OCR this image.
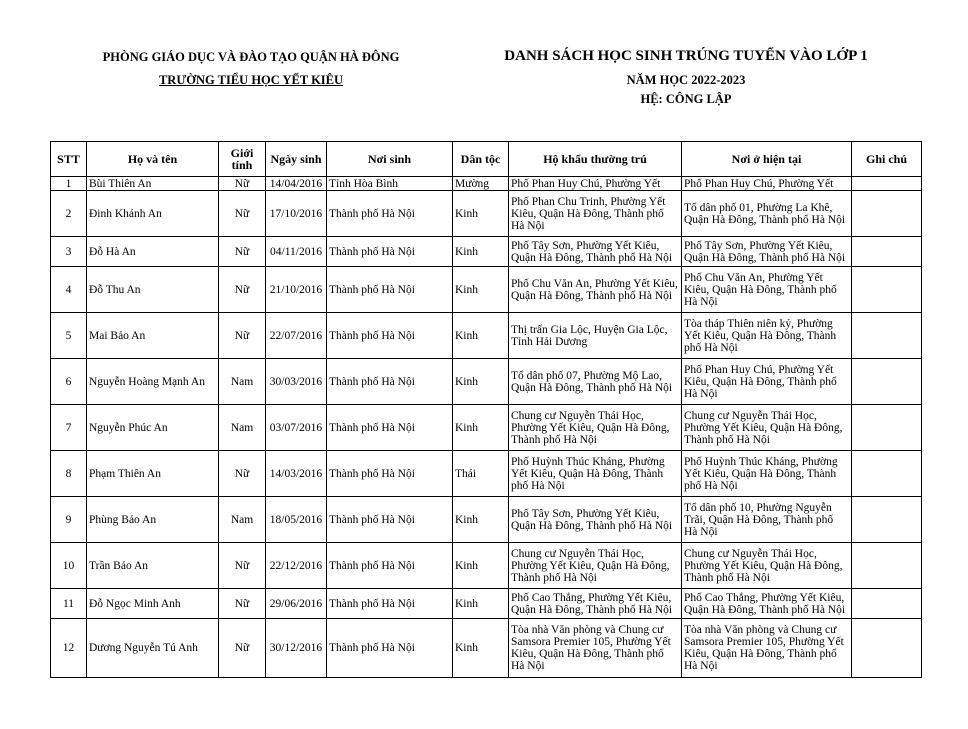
PHÒNG GIÁO DỤC VÀ ĐÀO TẠO QUẬN HÀ ĐÔNG
TRƯỜNG TIỂU HỌC YẾT KIÊU
DANH SÁCH HỌC SINH TRÚNG TUYỂN VÀO LỚP 1
NĂM HỌC 2022-2023
HỆ: CÔNG LẬP
STT	Họ và tên	Giới tính	Ngày sinh	Nơi sinh	Dân tộc	Hộ khẩu thường trú	Nơi ở hiện tại	Ghi chú
1	Bùi Thiên An	Nữ	14/04/2016	Tỉnh Hòa Bình	Mường	Phố Phan Huy Chú, Phường Yết	Phố Phan Huy Chú, Phường Yết	
2	Đinh Khánh An	Nữ	17/10/2016	Thành phố Hà Nội	Kinh	Phố Phan Chu Trinh, Phường Yết Kiêu, Quận Hà Đông, Thành phố Hà Nội	Tổ dân phố 01, Phường La Khê, Quận Hà Đông, Thành phố Hà Nội	
3	Đỗ Hà An	Nữ	04/11/2016	Thành phố Hà Nội	Kinh	Phố Tây Sơn, Phường Yết Kiêu, Quận Hà Đông, Thành phố Hà Nội	Phố Tây Sơn, Phường Yết Kiêu, Quận Hà Đông, Thành phố Hà Nội	
4	Đỗ Thu An	Nữ	21/10/2016	Thành phố Hà Nội	Kinh	Phố Chu Văn An, Phường Yết Kiêu, Quận Hà Đông, Thành phố Hà Nội	Phố Chu Văn An, Phường Yết Kiêu, Quận Hà Đông, Thành phố Hà Nội	
5	Mai Bảo An	Nữ	22/07/2016	Thành phố Hà Nội	Kinh	Thị trấn Gia Lộc, Huyện Gia Lộc, Tỉnh Hải Dương	Tòa tháp Thiên niên kỷ, Phường Yết Kiêu, Quận Hà Đông, Thành phố Hà Nội	
6	Nguyễn Hoàng Mạnh An	Nam	30/03/2016	Thành phố Hà Nội	Kinh	Tổ dân phố 07, Phường Mộ Lao, Quận Hà Đông, Thành phố Hà Nội	Phố Phan Huy Chú, Phường Yết Kiêu, Quận Hà Đông, Thành phố Hà Nội	
7	Nguyễn Phúc An	Nam	03/07/2016	Thành phố Hà Nội	Kinh	Chung cư Nguyễn Thái Học, Phường Yết Kiêu, Quận Hà Đông, Thành phố Hà Nội	Chung cư Nguyễn Thái Học, Phường Yết Kiêu, Quận Hà Đông, Thành phố Hà Nội	
8	Phạm Thiên An	Nữ	14/03/2016	Thành phố Hà Nội	Thái	Phố Huỳnh Thúc Kháng, Phường Yết Kiêu, Quận Hà Đông, Thành phố Hà Nội	Phố Huỳnh Thúc Kháng, Phường Yết Kiêu, Quận Hà Đông, Thành phố Hà Nội	
9	Phùng Bảo An	Nam	18/05/2016	Thành phố Hà Nội	Kinh	Phố Tây Sơn, Phường Yết Kiêu, Quận Hà Đông, Thành phố Hà Nội	Tổ dân phố 10, Phường Nguyễn Trãi, Quận Hà Đông, Thành phố Hà Nội	
10	Trần Bảo An	Nữ	22/12/2016	Thành phố Hà Nội	Kinh	Chung cư Nguyễn Thái Học, Phường Yết Kiêu, Quận Hà Đông, Thành phố Hà Nội	Chung cư Nguyễn Thái Học, Phường Yết Kiêu, Quận Hà Đông, Thành phố Hà Nội	
11	Đỗ Ngọc Minh Anh	Nữ	29/06/2016	Thành phố Hà Nội	Kinh	Phố Cao Thắng, Phường Yết Kiêu, Quận Hà Đông, Thành phố Hà Nội	Phố Cao Thắng, Phường Yết Kiêu, Quận Hà Đông, Thành phố Hà Nội	
12	Dương Nguyễn Tú Anh	Nữ	30/12/2016	Thành phố Hà Nội	Kinh	Tòa nhà Văn phòng và Chung cư Samsora Premier 105, Phường Yết Kiêu, Quận Hà Đông, Thành phố Hà Nội	Tòa nhà Văn phòng và Chung cư Samsora Premier 105, Phường Yết Kiêu, Quận Hà Đông, Thành phố Hà Nội	
